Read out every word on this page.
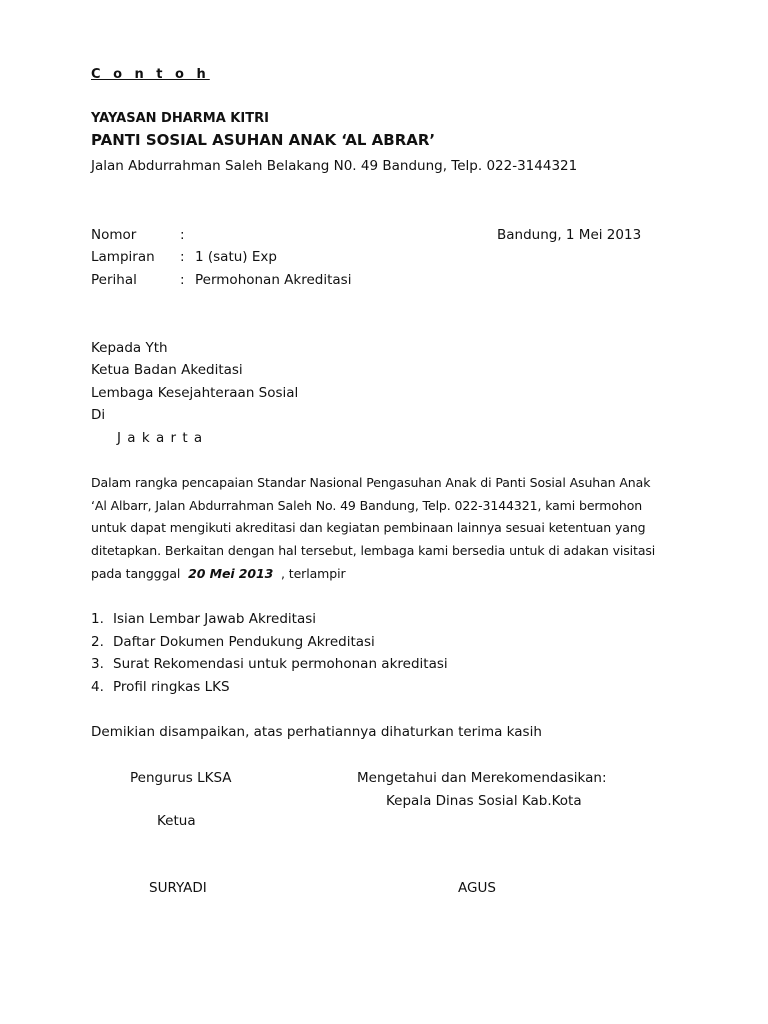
C o n t o h
YAYASAN DHARMA KITRI
PANTI SOSIAL ASUHAN ANAK ‘AL ABRAR’
Jalan Abdurrahman Saleh Belakang N0. 49 Bandung, Telp. 022-3144321
Nomor	:	Bandung, 1 Mei 2013
Lampiran : 1 (satu) Exp
Perihal	: Permohonan Akreditasi
Kepada Yth
Ketua Badan Akeditasi
Lembaga Kesejahteraan Sosial
Di
J a k a r t a
Dalam rangka pencapaian Standar Nasional Pengasuhan Anak di Panti Sosial Asuhan Anak
‘Al Albarr, Jalan Abdurrahman Saleh No. 49 Bandung, Telp. 022-3144321, kami bermohon
untuk dapat mengikuti akreditasi dan kegiatan pembinaan lainnya sesuai ketentuan yang
ditetapkan. Berkaitan dengan hal tersebut, lembaga kami bersedia untuk di adakan visitasi
pada tangggal 20 Mei 2013 , terlampir
1. Isian Lembar Jawab Akreditasi
2. Daftar Dokumen Pendukung Akreditasi
3. Surat Rekomendasi untuk permohonan akreditasi
4. Profil ringkas LKS
Demikian disampaikan, atas perhatiannya dihaturkan terima kasih
Pengurus LKSA
Ketua
SURYADI
Mengetahui dan Merekomendasikan:
Kepala Dinas Sosial Kab.Kota
AGUS
